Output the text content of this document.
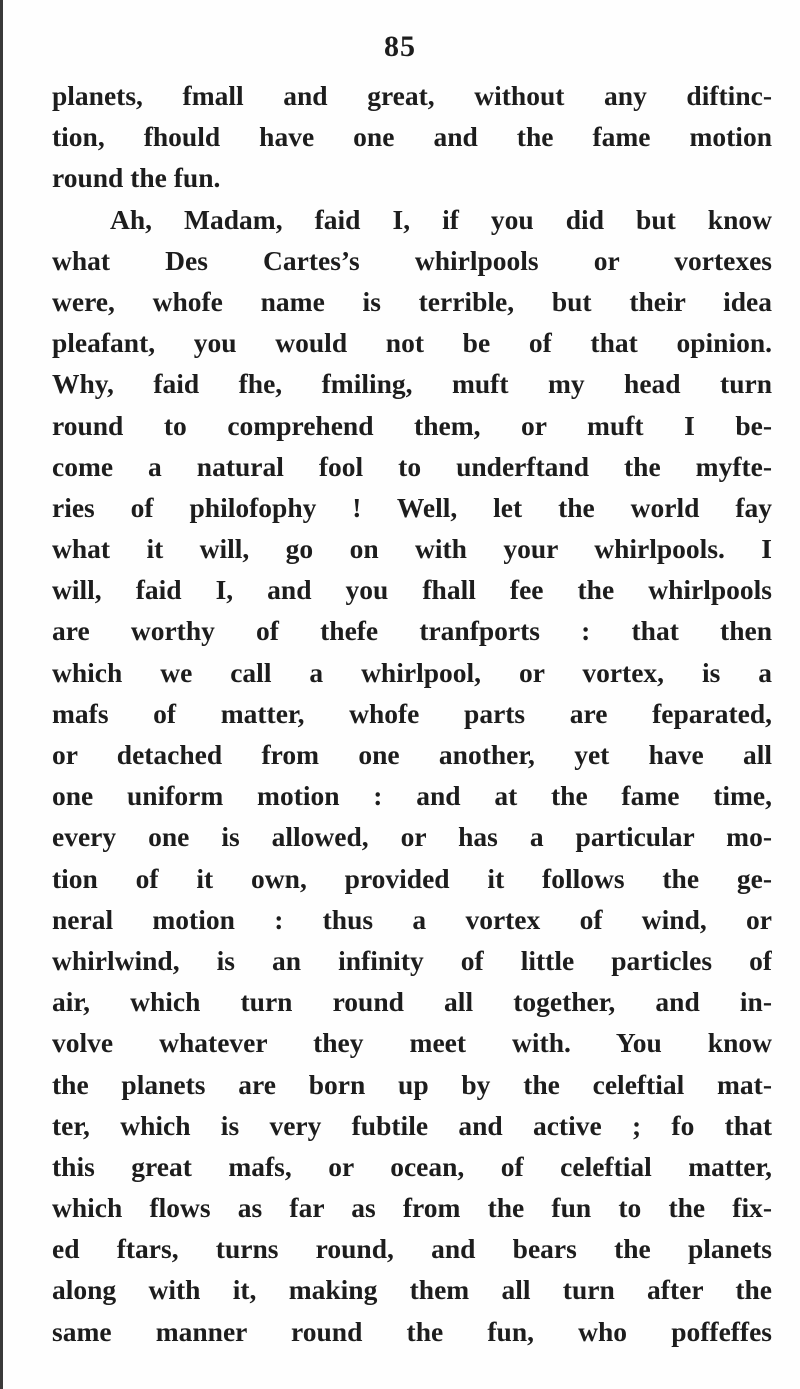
85
planets, fmall and great, without any diftinc-
tion, fhould have one and the fame motion
round the fun.
Ah, Madam, faid I, if you did but know
what Des Cartes’s whirlpools or vortexes
were, whofe name is terrible, but their idea
pleafant, you would not be of that opinion.
Why, faid fhe, fmiling, muft my head turn
round to comprehend them, or muft I be-
come a natural fool to underftand the myfte-
ries of philofophy ! Well, let the world fay
what it will, go on with your whirlpools. I
will, faid I, and you fhall fee the whirlpools
are worthy of thefe tranfports : that then
which we call a whirlpool, or vortex, is a
mafs of matter, whofe parts are feparated,
or detached from one another, yet have all
one uniform motion : and at the fame time,
every one is allowed, or has a particular mo-
tion of it own, provided it follows the ge-
neral motion : thus a vortex of wind, or
whirlwind, is an infinity of little particles of
air, which turn round all together, and in-
volve whatever they meet with. You know
the planets are born up by the celeftial mat-
ter, which is very fubtile and active ; fo that
this great mafs, or ocean, of celeftial matter,
which flows as far as from the fun to the fix-
ed ftars, turns round, and bears the planets
along with it, making them all turn after the
same manner round the fun, who poffeffes
